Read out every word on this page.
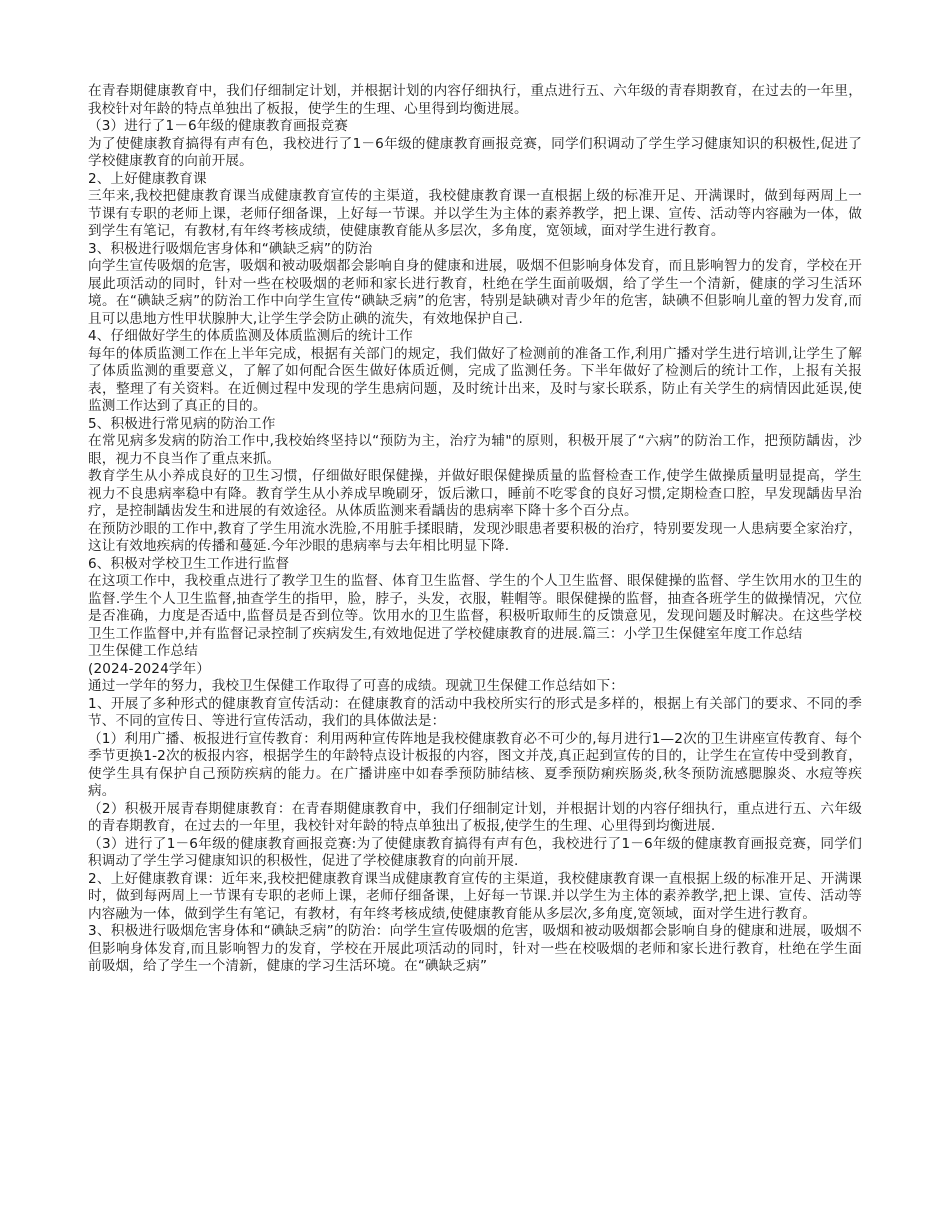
在青春期健康教育中，我们仔细制定计划，并根据计划的内容仔细执行，重点进行五、六年级的青春期教育，在过去的一年里，我校针对年龄的特点单独出了板报，使学生的生理、心里得到均衡进展。

（3）进行了1－6年级的健康教育画报竞赛

为了使健康教育搞得有声有色，我校进行了1－6年级的健康教育画报竞赛，同学们积调动了学生学习健康知识的积极性,促进了学校健康教育的向前开展。

2、上好健康教育课

三年来,我校把健康教育课当成健康教育宣传的主渠道，我校健康教育课一直根据上级的标准开足、开满课时，做到每两周上一节课有专职的老师上课，老师仔细备课，上好每一节课。并以学生为主体的素养教学，把上课、宣传、活动等内容融为一体，做到学生有笔记，有教材,有年终考核成绩，使健康教育能从多层次，多角度，宽领域，面对学生进行教育。

3、积极进行吸烟危害身体和“碘缺乏病”的防治

向学生宣传吸烟的危害，吸烟和被动吸烟都会影响自身的健康和进展，吸烟不但影响身体发育，而且影响智力的发育，学校在开展此项活动的同时，针对一些在校吸烟的老师和家长进行教育，杜绝在学生面前吸烟，给了学生一个清新，健康的学习生活环境。在“碘缺乏病”的防治工作中向学生宣传“碘缺乏病”的危害，特别是缺碘对青少年的危害，缺碘不但影响儿童的智力发育,而且可以患地方性甲状腺肿大,让学生学会防止碘的流失，有效地保护自己.

4、仔细做好学生的体质监测及体质监测后的统计工作

每年的体质监测工作在上半年完成，根据有关部门的规定，我们做好了检测前的准备工作,利用广播对学生进行培训,让学生了解了体质监测的重要意义，了解了如何配合医生做好体质近侧，完成了监测任务。下半年做好了检测后的统计工作，上报有关报表，整理了有关资料。在近侧过程中发现的学生患病问题，及时统计出来，及时与家长联系，防止有关学生的病情因此延误,使监测工作达到了真正的目的。

5、积极进行常见病的防治工作

在常见病多发病的防治工作中,我校始终坚持以“预防为主，治疗为辅"的原则，积极开展了“六病”的防治工作，把预防龋齿，沙眼，视力不良当作了重点来抓。

教育学生从小养成良好的卫生习惯，仔细做好眼保健操，并做好眼保健操质量的监督检查工作,使学生做操质量明显提高，学生视力不良患病率稳中有降。教育学生从小养成早晚刷牙，饭后漱口，睡前不吃零食的良好习惯,定期检查口腔，早发现龋齿早治疗，是控制龋齿发生和进展的有效途径。从体质监测来看龋齿的患病率下降十多个百分点。

在预防沙眼的工作中,教育了学生用流水洗脸,不用脏手揉眼睛，发现沙眼患者要积极的治疗，特别要发现一人患病要全家治疗，这让有效地疾病的传播和蔓延.今年沙眼的患病率与去年相比明显下降.

6、积极对学校卫生工作进行监督

在这项工作中，我校重点进行了教学卫生的监督、体育卫生监督、学生的个人卫生监督、眼保健操的监督、学生饮用水的卫生的监督.学生个人卫生监督,抽查学生的指甲，脸，脖子，头发，衣服，鞋帽等。眼保健操的监督，抽查各班学生的做操情况，穴位是否准确，力度是否适中,监督员是否到位等。饮用水的卫生监督，积极听取师生的反馈意见，发现问题及时解决。在这些学校卫生工作监督中,并有监督记录控制了疾病发生,有效地促进了学校健康教育的进展.篇三：小学卫生保健室年度工作总结

卫生保健工作总结

(2024-2024学年）

通过一学年的努力，我校卫生保健工作取得了可喜的成绩。现就卫生保健工作总结如下：

1、开展了多种形式的健康教育宣传活动：在健康教育的活动中我校所实行的形式是多样的，根据上有关部门的要求、不同的季节、不同的宣传日、等进行宣传活动，我们的具体做法是：

（1）利用广播、板报进行宣传教育：利用两种宣传阵地是我校健康教育必不可少的,每月进行1—2次的卫生讲座宣传教育、每个季节更换1-2次的板报内容，根据学生的年龄特点设计板报的内容，图文并茂,真正起到宣传的目的，让学生在宣传中受到教育，使学生具有保护自己预防疾病的能力。在广播讲座中如春季预防肺结核、夏季预防痢疾肠炎,秋冬预防流感腮腺炎、水痘等疾病。

（2）积极开展青春期健康教育：在青春期健康教育中，我们仔细制定计划，并根据计划的内容仔细执行，重点进行五、六年级的青春期教育，在过去的一年里，我校针对年龄的特点单独出了板报,使学生的生理、心里得到均衡进展.

（3）进行了1－6年级的健康教育画报竞赛:为了使健康教育搞得有声有色，我校进行了1－6年级的健康教育画报竞赛，同学们积调动了学生学习健康知识的积极性，促进了学校健康教育的向前开展.

2、上好健康教育课：近年来,我校把健康教育课当成健康教育宣传的主渠道，我校健康教育课一直根据上级的标准开足、开满课时，做到每两周上一节课有专职的老师上课，老师仔细备课，上好每一节课.并以学生为主体的素养教学,把上课、宣传、活动等内容融为一体，做到学生有笔记，有教材，有年终考核成绩,使健康教育能从多层次,多角度,宽领域，面对学生进行教育。

3、积极进行吸烟危害身体和“碘缺乏病”的防治：向学生宣传吸烟的危害，吸烟和被动吸烟都会影响自身的健康和进展，吸烟不但影响身体发育,而且影响智力的发育，学校在开展此项活动的同时，针对一些在校吸烟的老师和家长进行教育，杜绝在学生面前吸烟，给了学生一个清新，健康的学习生活环境。在“碘缺乏病”
